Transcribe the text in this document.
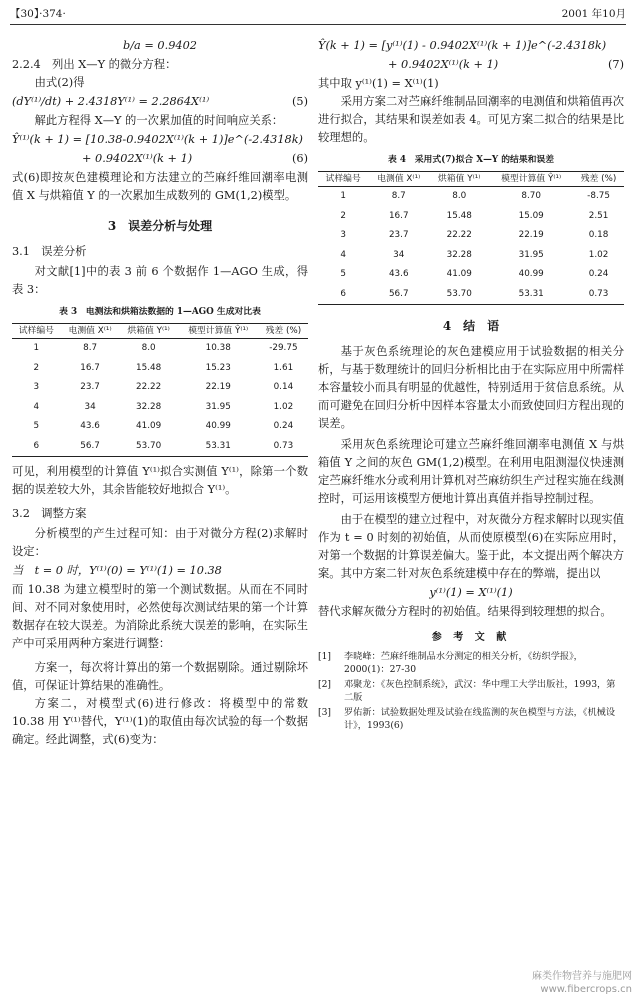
【30】·374·	2001 年10月
b/a = 0.9402

2.2.4　列出 X—Y 的微分方程：

由式(2)得

(dY⁽¹⁾/dt) + 2.4318Y⁽¹⁾ = 2.2864X⁽¹⁾	(5)

解此方程得 X—Y 的一次累加值的时间响应关系：

Ŷ⁽¹⁾(k + 1) = [10.38-0.9402X⁽¹⁾(k + 1)]e^(-2.4318k)
+ 0.9402X⁽¹⁾(k + 1)	(6)

式(6)即按灰色建模理论和方法建立的苎麻纤维回潮率电测值 X 与烘箱值 Y 的一次累加生成数列的 GM(1,2)模型。

3　误差分析与处理

3.1　误差分析

对文献[1]中的表 3 前 6 个数据作 1—AGO 生成，得表 3：

表 3　电测法和烘箱法数据的 1—AGO 生成对比表
试样编号	电测值 X⁽¹⁾	烘箱值 Y⁽¹⁾	模型计算值 Ŷ⁽¹⁾	残差 (%)
1	8.7	8.0	10.38	-29.75
2	16.7	15.48	15.23	1.61
3	23.7	22.22	22.19	0.14
4	34	32.28	31.95	1.02
5	43.6	41.09	40.99	0.24
6	56.7	53.70	53.31	0.73

可见，利用模型的计算值 Y⁽¹⁾拟合实测值 Y⁽¹⁾，除第一个数据的误差较大外，其余皆能较好地拟合 Y⁽¹⁾。

3.2　调整方案

分析模型的产生过程可知：由于对微分方程(2)求解时设定：

当　t = 0 时，Y⁽¹⁾(0) = Y⁽¹⁾(1) = 10.38

而 10.38 为建立模型时的第一个测试数据。从而在不同时间、对不同对象使用时，必然使每次测试结果的第一个计算数据存在较大误差。为消除此系统大误差的影响，在实际生产中可采用两种方案进行调整：

方案一，每次将计算出的第一个数据剔除。通过剔除坏值，可保证计算结果的准确性。

方案二，对模型式(6)进行修改：将模型中的常数 10.38 用 Y⁽¹⁾替代，Y⁽¹⁾(1)的取值由每次试验的每一个数据确定。经此调整，式(6)变为：

Ŷ(k + 1) = [y⁽¹⁾(1) - 0.9402X⁽¹⁾(k + 1)]e^(-2.4318k)
+ 0.9402X⁽¹⁾(k + 1)	(7)

其中取 y⁽¹⁾(1) = X⁽¹⁾(1)

采用方案二对苎麻纤维制品回潮率的电测值和烘箱值再次进行拟合，其结果和误差如表 4。可见方案二拟合的结果是比较理想的。

表 4　采用式(7)拟合 X—Y 的结果和误差
试样编号	电测值 X⁽¹⁾	烘箱值 Y⁽¹⁾	模型计算值 Ŷ⁽¹⁾	残差 (%)
1	8.7	8.0	8.70	-8.75
2	16.7	15.48	15.09	2.51
3	23.7	22.22	22.19	0.18
4	34	32.28	31.95	1.02
5	43.6	41.09	40.99	0.24
6	56.7	53.70	53.31	0.73
4　结　语

基于灰色系统理论的灰色建模应用于试验数据的相关分析，与基于数理统计的回归分析相比由于在实际应用中所需样本容量较小而具有明显的优越性，特别适用于贫信息系统。从而可避免在回归分析中因样本容量太小而致使回归方程出现的误差。

采用灰色系统理论可建立苎麻纤维回潮率电测值 X 与烘箱值 Y 之间的灰色 GM(1,2)模型。在利用电阻测湿仪快速测定苎麻纤维水分或利用计算机对苎麻纺织生产过程实施在线测控时，可运用该模型方便地计算出真值并指导控制过程。

由于在模型的建立过程中，对灰微分方程求解时以现实值作为 t = 0 时刻的初始值，从而使原模型(6)在实际应用时，对第一个数据的计算误差偏大。鉴于此，本文提出两个解决方案。其中方案二针对灰色系统建模中存在的弊端，提出以

y⁽¹⁾(1) = X⁽¹⁾(1)

替代求解灰微分方程时的初始值。结果得到较理想的拟合。

参 考 文 献
[1]	李晓峰：苎麻纤维制品水分测定的相关分析，《纺织学报》，2000(1)：27-30
[2]	邓聚龙：《灰色控制系统》，武汉：华中理工大学出版社，1993，第二版
[3]	罗佑新：试验数据处理及试验在线监测的灰色模型与方法，《机械设计》，1993(6)
麻类作物营养与施肥网
www.fibercrops.cn
